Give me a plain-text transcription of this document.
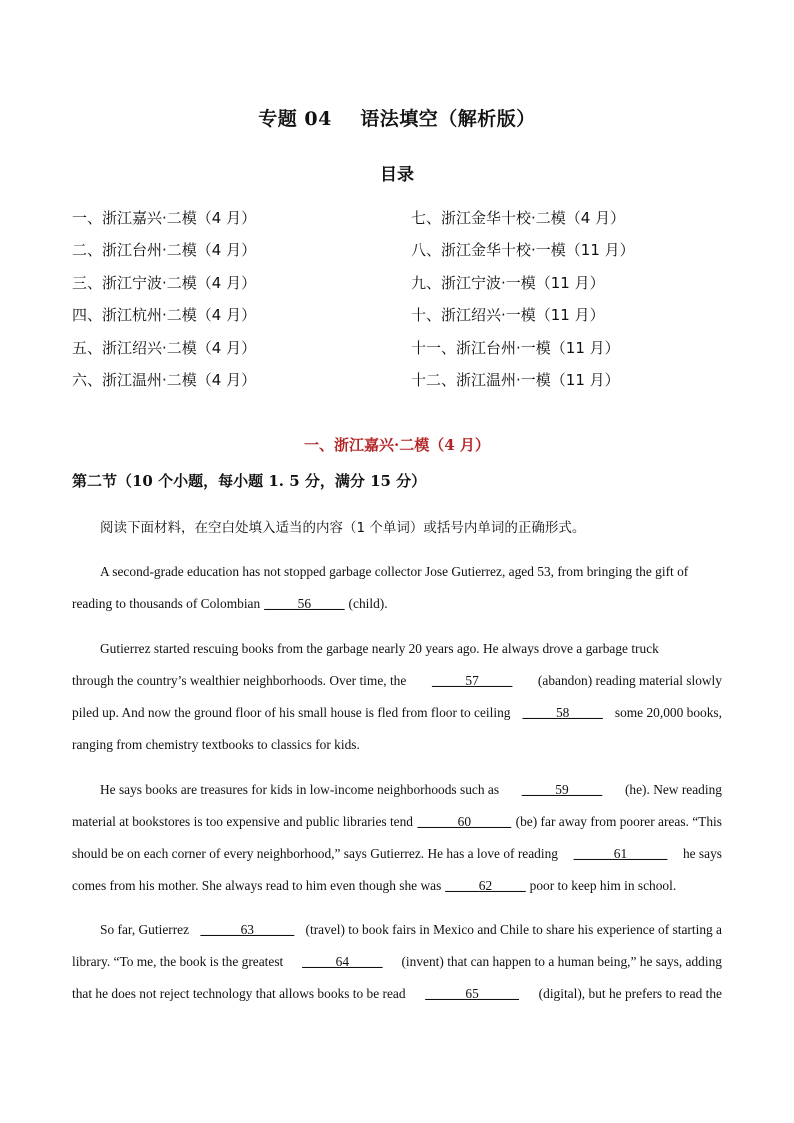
专题 04    语法填空（解析版）
目录
一、浙江嘉兴·二模（4 月）
二、浙江台州·二模（4 月）
三、浙江宁波·二模（4 月）
四、浙江杭州·二模（4 月）
五、浙江绍兴·二模（4 月）
六、浙江温州·二模（4 月）
七、浙江金华十校·二模（4 月）
八、浙江金华十校·一模（11 月）
九、浙江宁波·一模（11 月）
十、浙江绍兴·一模（11 月）
十一、浙江台州·一模（11 月）
十二、浙江温州·一模（11 月）
一、浙江嘉兴·二模（4 月）
第二节（10 个小题，每小题 1. 5 分，满分 15 分）
阅读下面材料，在空白处填入适当的内容（1 个单词）或括号内单词的正确形式。
A second-grade education has not stopped garbage collector Jose Gutierrez, aged 53, from bringing the gift of
reading to thousands of Colombian _____56_____ (child).
Gutierrez started rescuing books from the garbage nearly 20 years ago. He always drove a garbage truck
through the country’s wealthier neighborhoods. Over time, the _____57_____ (abandon) reading material slowly
piled up. And now the ground floor of his small house is fled from floor to ceiling _____58_____ some 20,000 books,
ranging from chemistry textbooks to classics for kids.
He says books are treasures for kids in low-income neighborhoods such as _____59_____ (he). New reading
material at bookstores is too expensive and public libraries tend ______60______ (be) far away from poorer areas. “This
should be on each corner of every neighborhood,” says Gutierrez. He has a love of reading ______61______ he says
comes from his mother. She always read to him even though she was _____62_____ poor to keep him in school.
So far, Gutierrez ______63______ (travel) to book fairs in Mexico and Chile to share his experience of starting a
library. “To me, the book is the greatest _____64_____ (invent) that can happen to a human being,” he says, adding
that he does not reject technology that allows books to be read ______65______ (digital), but he prefers to read the
